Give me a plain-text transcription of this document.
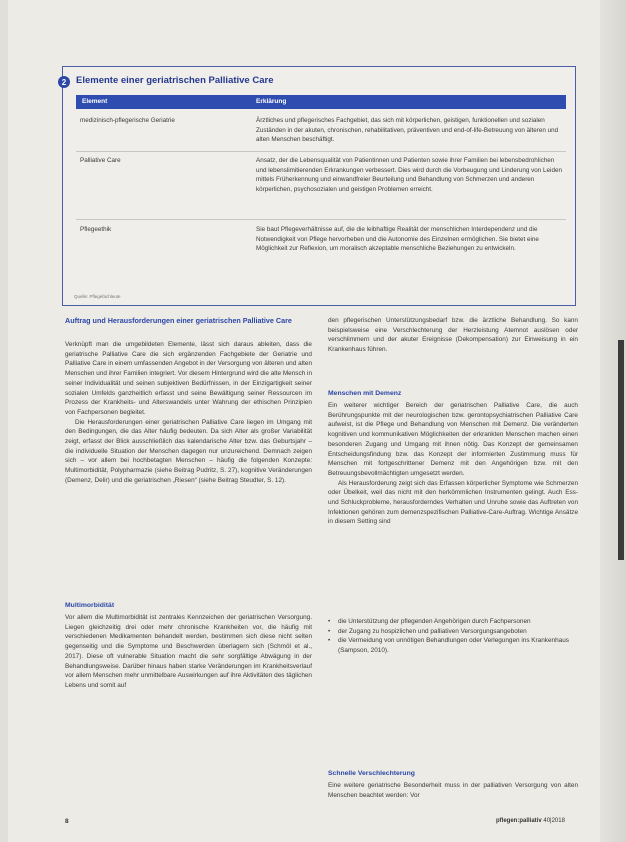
2	Elemente einer geriatrischen Palliative Care
Element	Erklärung
medizinisch-pflegerische Geriatrie	Ärztliches und pflegerisches Fachgebiet, das sich mit körperlichen, geistigen, funktionellen und sozialen Zuständen in der akuten, chronischen, rehabilitativen, präventiven und end-of-life-Betreuung von älteren und alten Menschen beschäftigt.
Palliative Care	Ansatz, der die Lebensqualität von Patientinnen und Patienten sowie ihrer Familien bei lebensbedrohlichen und lebenslimitierenden Erkrankungen verbessert. Dies wird durch die Vorbeugung und Linderung von Leiden mittels Früherkennung und einwandfreier Beurteilung und Behandlung von Schmerzen und anderen körperlichen, psychosozialen und geistigen Problemen erreicht.
Pflegeethik	Sie baut Pflegeverhältnisse auf, die die leibhaftige Realität der menschlichen Interdependenz und die Notwendigkeit von Pflege hervorheben und die Autonomie des Einzelnen ermöglichen. Sie bietet eine Möglichkeit zur Reflexion, um moralisch akzeptable menschliche Beziehungen zu entwickeln.
Quelle: Pflegefachleute
Auftrag und Herausforderungen einer geriatrischen Palliative Care

Verknüpft man die umgebildeten Elemente, lässt sich daraus ableiten, dass die geriatrische Palliative Care die sich ergänzenden Fachgebiete der Geriatrie und Palliative Care in einem umfassenden Angebot in der Versorgung von älteren und alten Menschen und ihrer Familien integriert. Vor diesem Hintergrund wird die alte Mensch in seiner Individualität und seinen subjektiven Bedürfnissen, in der Einzigartigkeit seiner sozialen Umfelds ganzheitlich erfasst und seine Bewältigung seiner Ressourcen im Prozess der Krankheits- und Alterswandels unter Wahrung der ethischen Prinzipien von Fachpersonen begleitet.

Die Herausforderungen einer geriatrischen Palliative Care liegen im Umgang mit den Bedingungen, die das Alter häufig bedeuten. Da sich Alter als großer Variabilität zeigt, erfasst der Blick ausschließlich das kalendarische Alter bzw. das Geburtsjahr – die individuelle Situation der Menschen dagegen nur unzureichend. Demnach zeigen sich – vor allem bei hochbetagten Menschen – häufig die folgenden Konzepte: Multimorbidität, Polypharmazie (siehe Beitrag Pudritz, S. 27), kognitive Veränderungen (Demenz, Delir) und die geriatrischen „Riesen“ (siehe Beitrag Steudter, S. 12).

Multimorbidität

Vor allem die Multimorbidität ist zentrales Kennzeichen der geriatrischen Versorgung. Liegen gleichzeitig drei oder mehr chronische Krankheiten vor, die häufig mit verschiedenen Medikamenten behandelt werden, bestimmen sich diese nicht selten gegenseitig und die Symptome und Beschwerden überlagern sich (Schmöl et al., 2017). Diese oft vulnerable Situation macht die sehr sorgfältige Abwägung in der Behandlungsweise. Darüber hinaus haben starke Veränderungen im Krankheitsverlauf vor allem Menschen mehr unmittelbare Auswirkungen auf ihre Aktivitäten des täglichen Lebens und somit auf

den pflegerischen Unterstützungsbedarf bzw. die ärztliche Behandlung. So kann beispielsweise eine Verschlechterung der Herzleistung Atemnot auslösen oder verschlimmern und der akuter Ereignisse (Dekompensation) zur Einweisung in ein Krankenhaus führen.

Menschen mit Demenz

Ein weiterer wichtiger Bereich der geriatrischen Palliative Care, die auch Berührungspunkte mit der neurologischen bzw. gerontopsychiatrischen Palliative Care aufweist, ist die Pflege und Behandlung von Menschen mit Demenz. Die veränderten kognitiven und kommunikativen Möglichkeiten der erkrankten Menschen machen einen besonderen Zugang und Umgang mit ihnen nötig. Das Konzept der gemeinsamen Entscheidungsfindung bzw. das Konzept der informierten Zustimmung muss für Menschen mit fortgeschrittener Demenz mit den Angehörigen bzw. mit den Betreuungsbevollmächtigten umgesetzt werden.

Als Herausforderung zeigt sich das Erfassen körperlicher Symptome wie Schmerzen oder Übelkeit, weil das nicht mit den herkömmlichen Instrumenten gelingt. Auch Ess- und Schluckprobleme, herausforderndes Verhalten und Unruhe sowie das Auftreten von Infektionen gehören zum demenzspezifischen Palliative-Care-Auftrag. Wichtige Ansätze in diesem Setting sind

• die Unterstützung der pflegenden Angehörigen durch Fachpersonen
• der Zugang zu hospizlichen und palliativen Versorgungsangeboten
• die Vermeidung von unnötigen Behandlungen oder Verlegungen ins Krankenhaus (Sampson, 2010).
Schnelle Verschlechterung

Eine weitere geriatrische Besonderheit muss in der palliativen Versorgung von alten Menschen beachtet werden: Vor

8	pflegen:palliativ 40|2018
